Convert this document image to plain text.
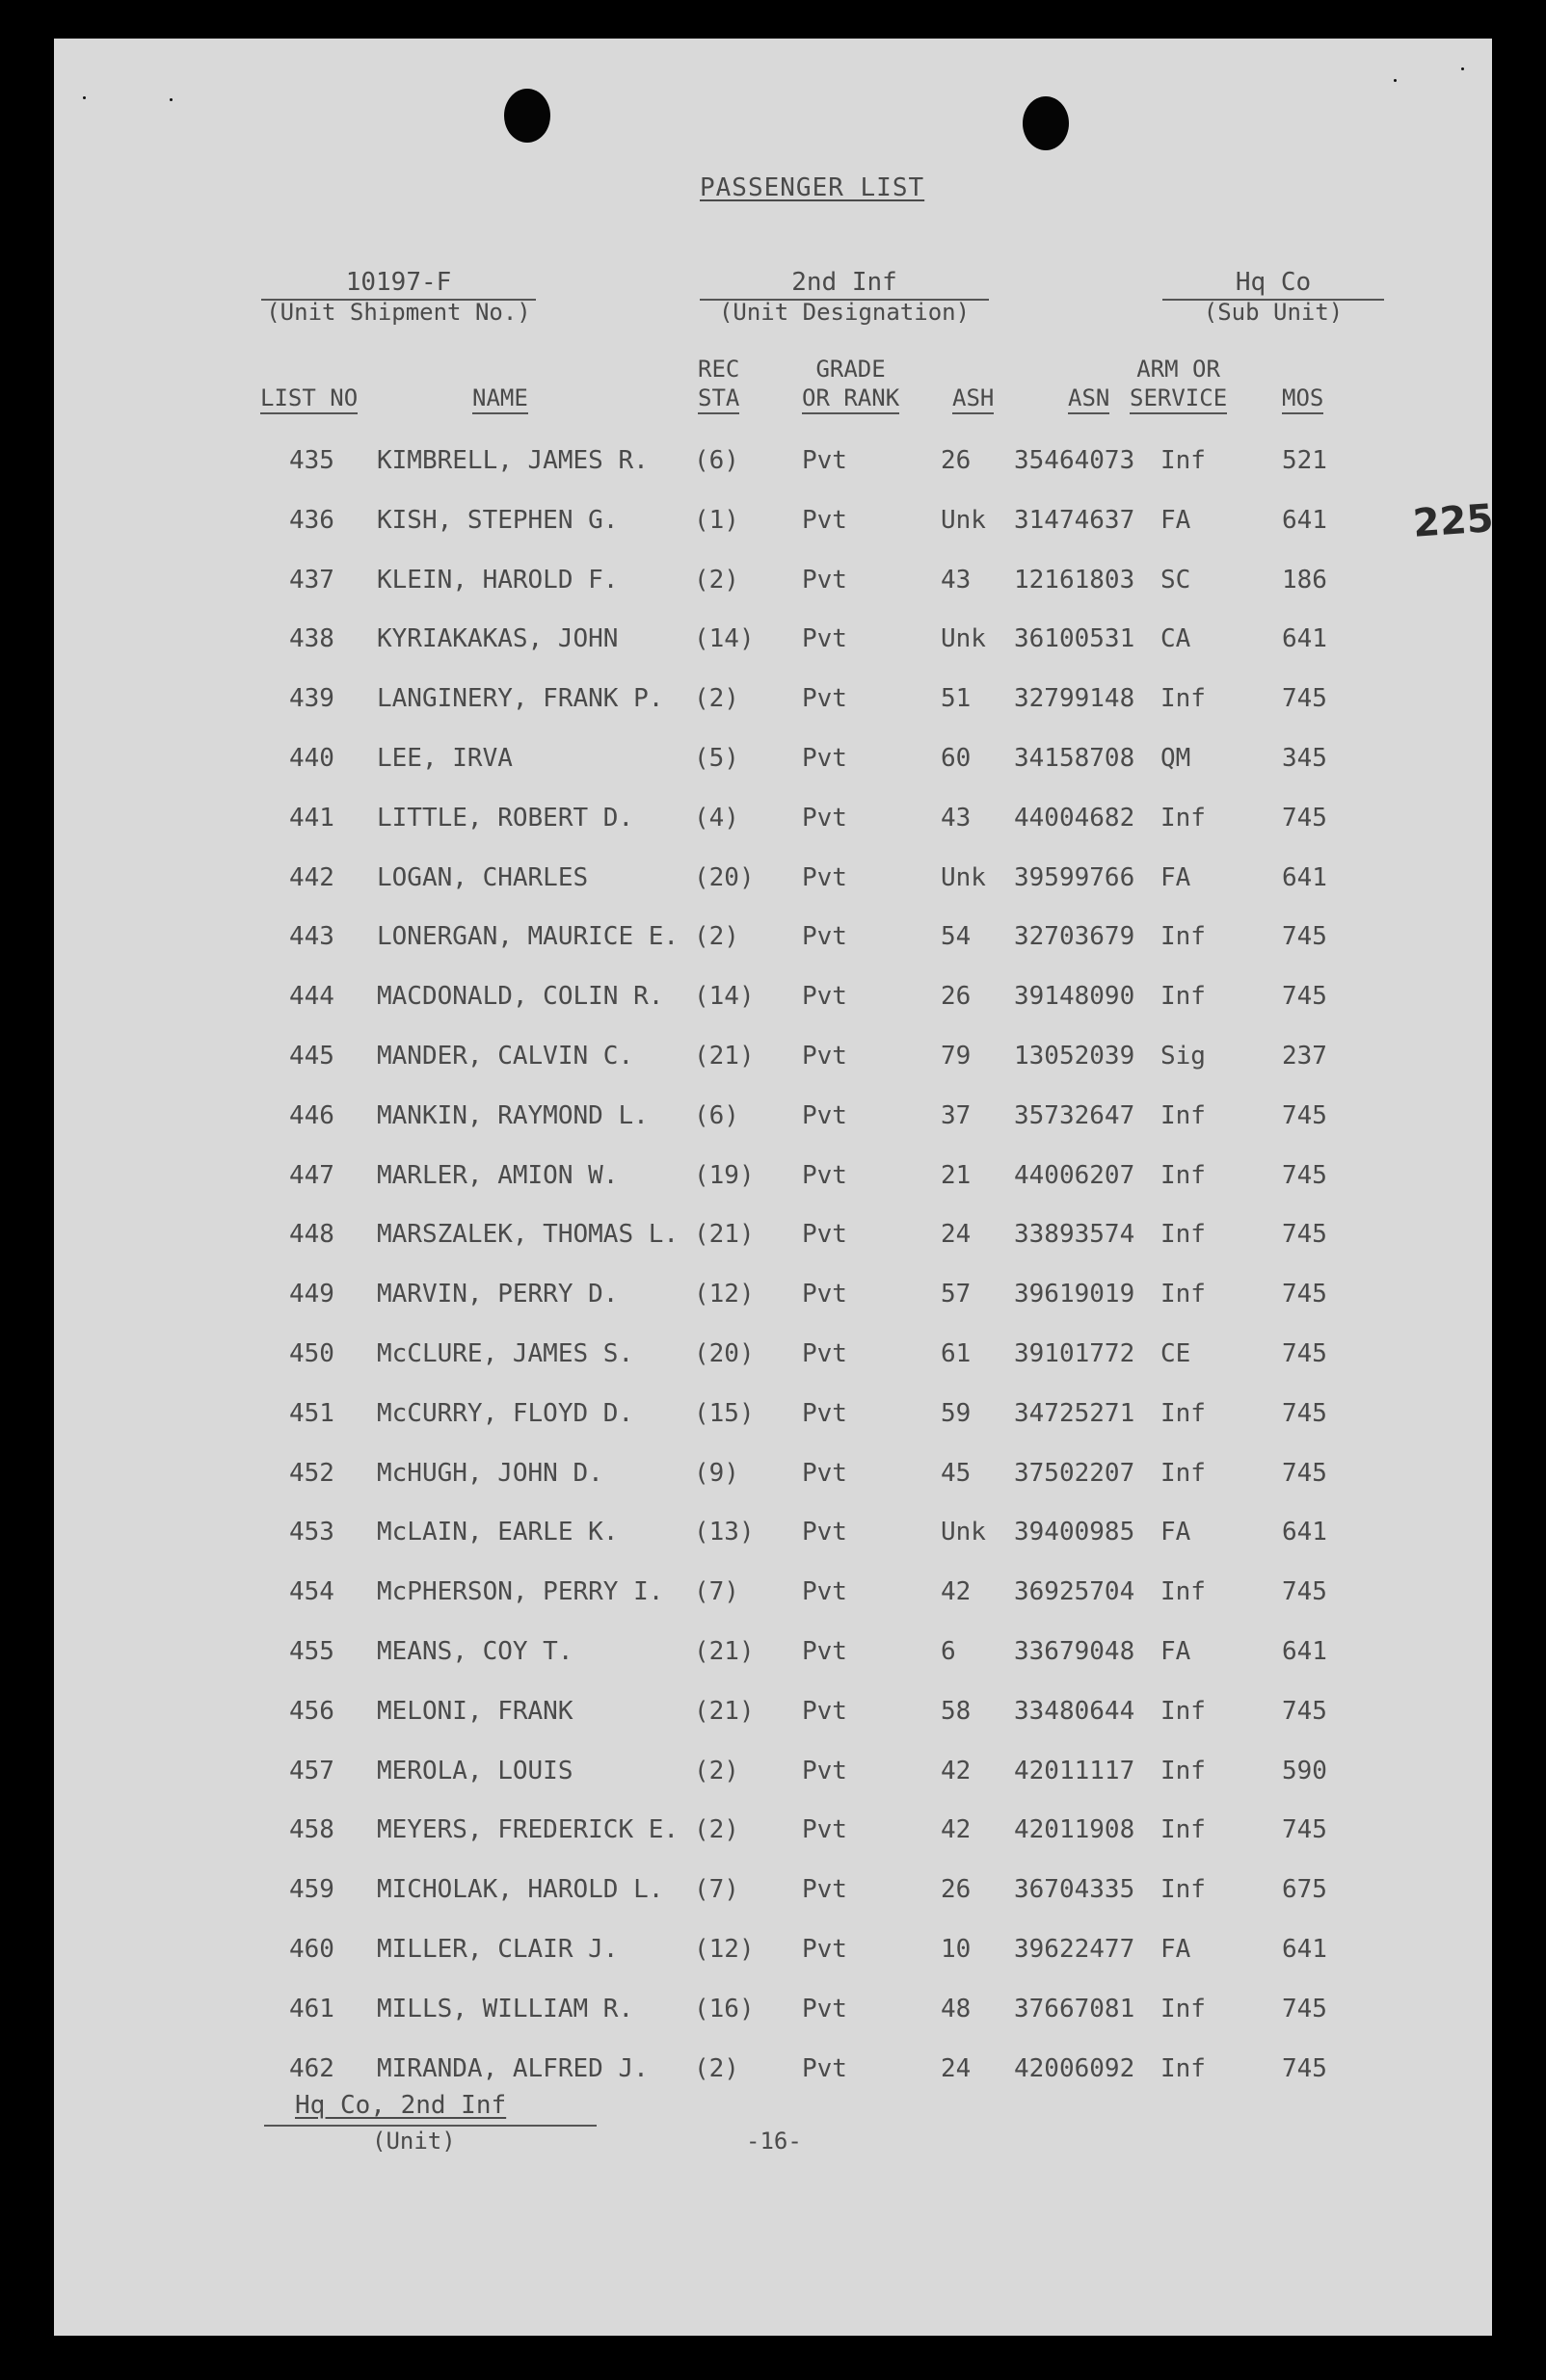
PASSENGER LIST
10197-F
(Unit Shipment No.)
2nd Inf
(Unit Designation)
Hq Co
(Sub Unit)
LIST NO	NAME
REC
STA
GRADE
OR RANK ASH	ASN
ARM OR
SERVICE MOS
225
435 KIMBRELL, JAMES R. (6)	Pvt	26 35464073 Inf	521
436 KISH, STEPHEN G.	(1)	Pvt	Unk 31474637 FA	641
437 KLEIN, HAROLD F.	(2)	Pvt	43 12161803 SC	186
438 KYRIAKAKAS, JOHN	(14) Pvt	Unk 36100531 CA	641
439 LANGINERY, FRANK P. (2)	Pvt	51 32799148 Inf	745
440 LEE, IRVA	(5)	Pvt	60 34158708 QM	345
441 LITTLE, ROBERT D. (4)	Pvt	43 44004682 Inf	745
442 LOGAN, CHARLES	(20) Pvt	Unk 39599766 FA	641
443 LONERGAN, MAURICE E. (2)	Pvt	54 32703679 Inf	745
444 MACDONALD, COLIN R. (14) Pvt	26 39148090 Inf	745
445 MANDER, CALVIN C. (21) Pvt	79 13052039 Sig	237
446 MANKIN, RAYMOND L. (6)	Pvt	37 35732647 Inf	745
447 MARLER, AMION W.	(19) Pvt	21 44006207 Inf	745
448 MARSZALEK, THOMAS L. (21) Pvt	24 33893574 Inf	745
449 MARVIN, PERRY D.	(12) Pvt	57 39619019 Inf	745
450 McCLURE, JAMES S. (20) Pvt	61 39101772 CE	745
451 McCURRY, FLOYD D. (15) Pvt	59 34725271 Inf	745
452 McHUGH, JOHN D.	(9)	Pvt	45 37502207 Inf	745
453 McLAIN, EARLE K.	(13) Pvt	Unk 39400985 FA	641
454 McPHERSON, PERRY I. (7)	Pvt	42 36925704 Inf	745
455 MEANS, COY T.	(21) Pvt	6 33679048 FA	641
456 MELONI, FRANK	(21) Pvt	58 33480644 Inf	745
457 MEROLA, LOUIS	(2)	Pvt	42 42011117 Inf	590
458 MEYERS, FREDERICK E. (2)	Pvt	42 42011908 Inf	745
459 MICHOLAK, HAROLD L. (7)	Pvt	26 36704335 Inf	675
460 MILLER, CLAIR J.	(12) Pvt	10 39622477 FA	641
461 MILLS, WILLIAM R. (16) Pvt	48 37667081 Inf	745
462 MIRANDA, ALFRED J. (2)	Pvt	24 42006092 Inf	745
Hq Co, 2nd Inf
(Unit)	-16-
